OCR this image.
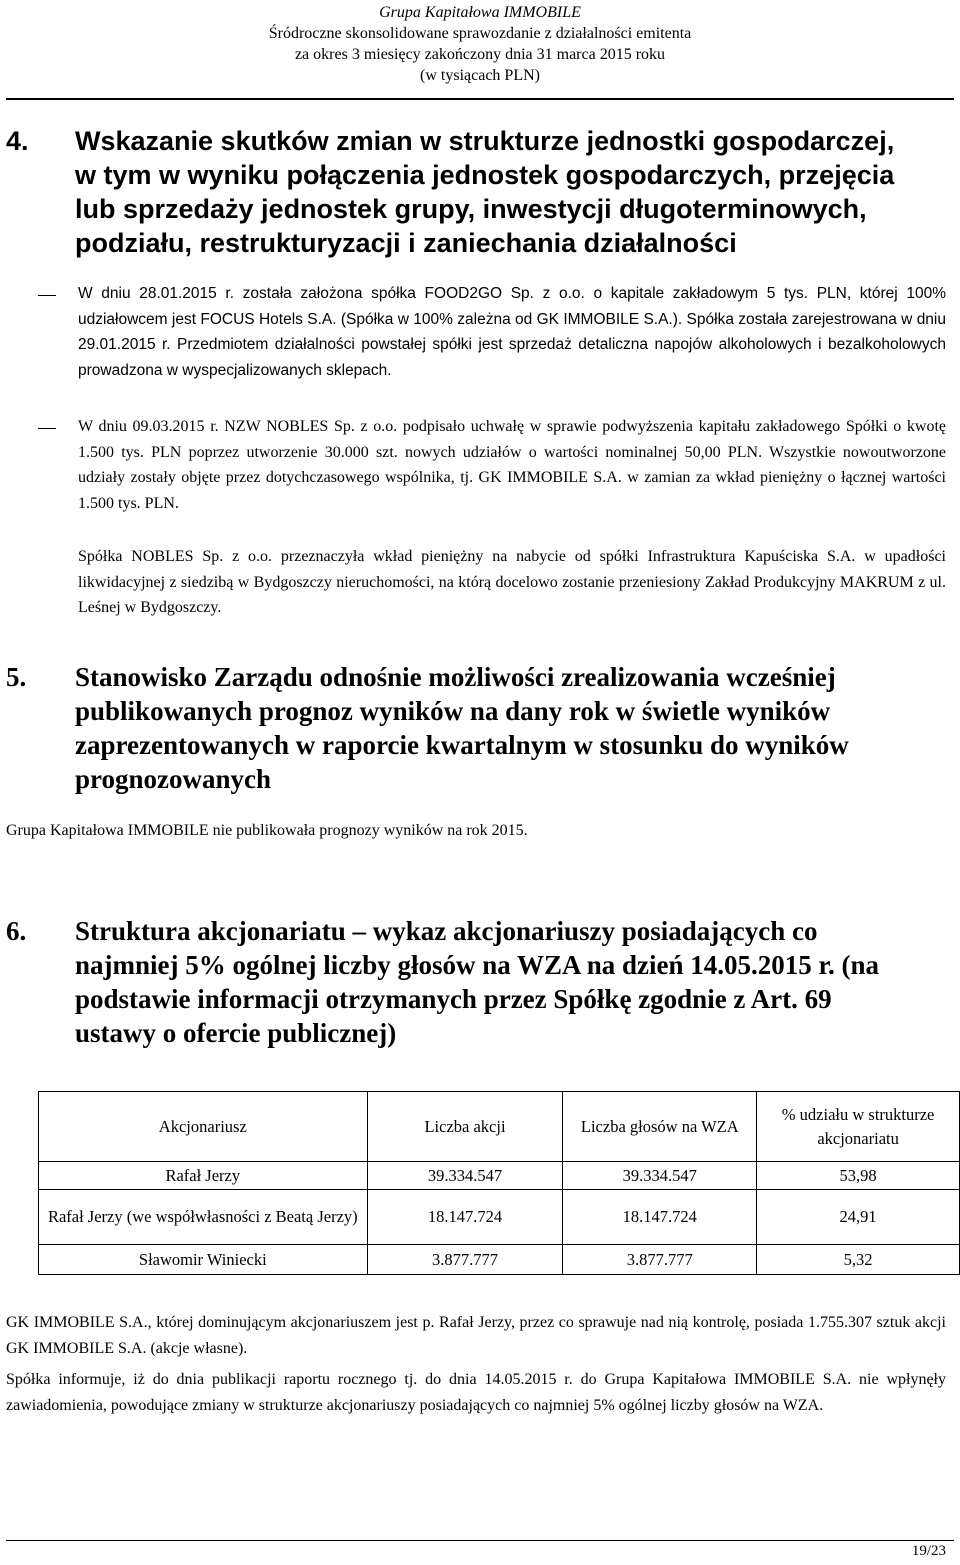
Grupa Kapitałowa IMMOBILE
Śródroczne skonsolidowane sprawozdanie z działalności emitenta
za okres 3 miesięcy zakończony dnia 31 marca 2015 roku
(w tysiącach PLN)
4. Wskazanie skutków zmian w strukturze jednostki gospodarczej, w tym w wyniku połączenia jednostek gospodarczych, przejęcia lub sprzedaży jednostek grupy, inwestycji długoterminowych, podziału, restrukturyzacji i zaniechania działalności

W dniu 28.01.2015 r. została założona spółka FOOD2GO Sp. z o.o. o kapitale zakładowym 5 tys. PLN, której 100% udziałowcem jest FOCUS Hotels S.A. (Spółka w 100% zależna od GK IMMOBILE S.A.). Spółka została zarejestrowana w dniu 29.01.2015 r. Przedmiotem działalności powstałej spółki jest sprzedaż detaliczna napojów alkoholowych i bezalkoholowych prowadzona w wyspecjalizowanych sklepach.

W dniu 09.03.2015 r. NZW NOBLES Sp. z o.o. podpisało uchwałę w sprawie podwyższenia kapitału zakładowego Spółki o kwotę 1.500 tys. PLN poprzez utworzenie 30.000 szt. nowych udziałów o wartości nominalnej 50,00 PLN. Wszystkie nowoutworzone udziały zostały objęte przez dotychczasowego wspólnika, tj. GK IMMOBILE S.A. w zamian za wkład pieniężny o łącznej wartości 1.500 tys. PLN.

Spółka NOBLES Sp. z o.o. przeznaczyła wkład pieniężny na nabycie od spółki Infrastruktura Kapuściska S.A. w upadłości likwidacyjnej z siedzibą w Bydgoszczy nieruchomości, na którą docelowo zostanie przeniesiony Zakład Produkcyjny MAKRUM z ul. Leśnej w Bydgoszczy.

5. Stanowisko Zarządu odnośnie możliwości zrealizowania wcześniej publikowanych prognoz wyników na dany rok w świetle wyników zaprezentowanych w raporcie kwartalnym w stosunku do wyników prognozowanych

Grupa Kapitałowa IMMOBILE nie publikowała prognozy wyników na rok 2015.

6. Struktura akcjonariatu – wykaz akcjonariuszy posiadających co najmniej 5% ogólnej liczby głosów na WZA na dzień 14.05.2015 r. (na podstawie informacji otrzymanych przez Spółkę zgodnie z Art. 69 ustawy o ofercie publicznej)
Akcjonariusz	Liczba akcji	Liczba głosów na WZA	% udziału w strukturze akcjonariatu
Rafał Jerzy	39.334.547	39.334.547	53,98
Rafał Jerzy (we współwłasności z Beatą Jerzy)	18.147.724	18.147.724	24,91
Sławomir Winiecki	3.877.777	3.877.777	5,32

GK IMMOBILE S.A., której dominującym akcjonariuszem jest p. Rafał Jerzy, przez co sprawuje nad nią kontrolę, posiada 1.755.307 sztuk akcji GK IMMOBILE S.A. (akcje własne).

Spółka informuje, iż do dnia publikacji raportu rocznego tj. do dnia 14.05.2015 r. do Grupa Kapitałowa IMMOBILE S.A. nie wpłynęły zawiadomienia, powodujące zmiany w strukturze akcjonariuszy posiadających co najmniej 5% ogólnej liczby głosów na WZA.

19/23
